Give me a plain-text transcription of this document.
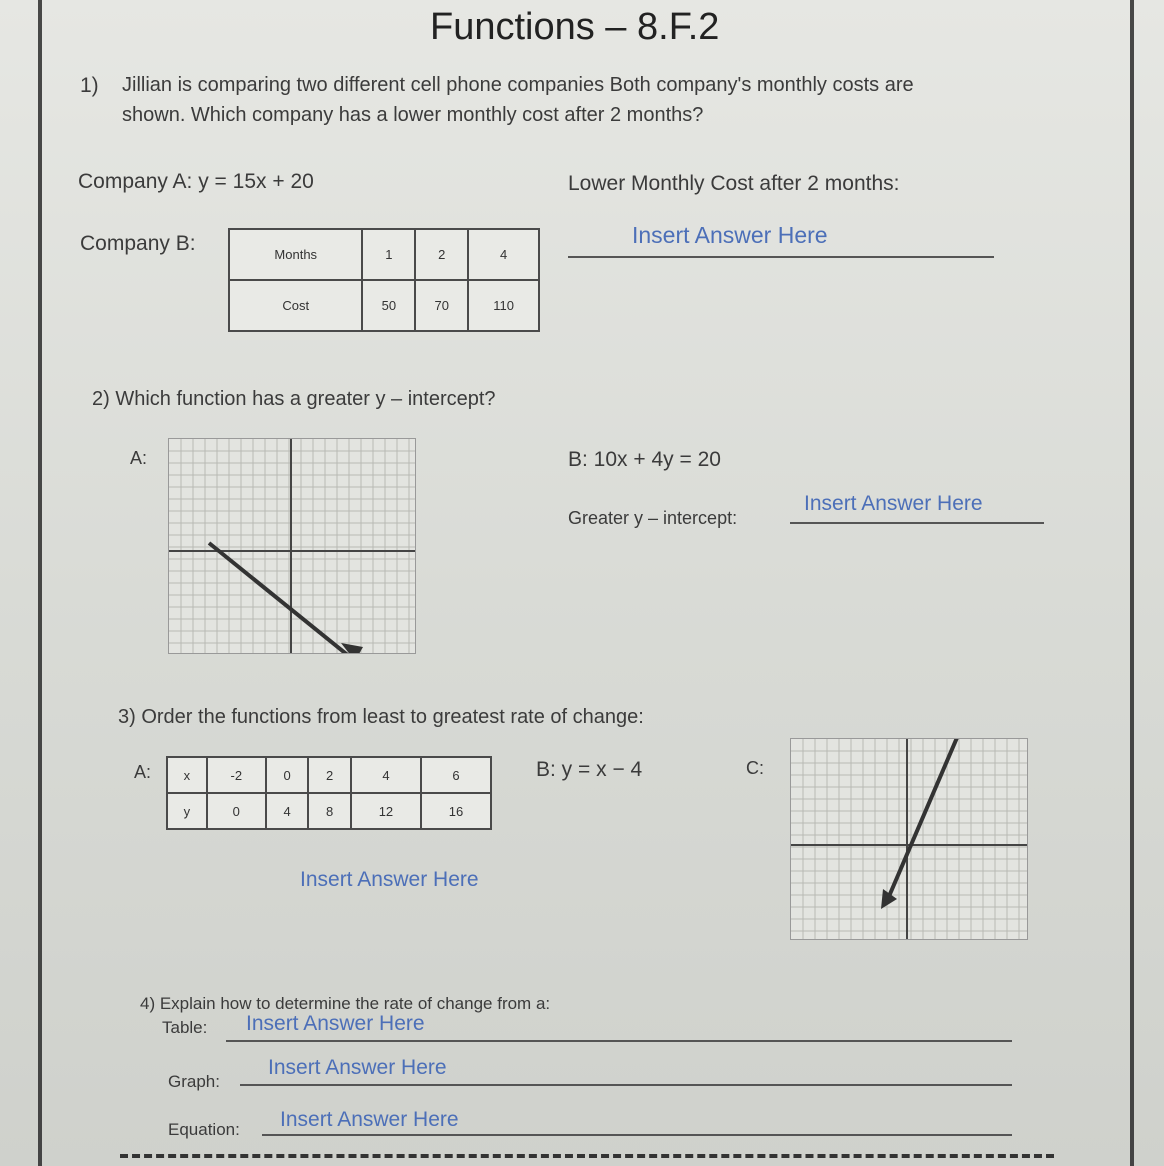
Functions – 8.F.2
1) Jillian is comparing two different cell phone companies Both company's monthly costs are
shown. Which company has a lower monthly cost after 2 months?
Company A: y = 15x + 20	Lower Monthly Cost after 2 months:
Company B:	Months	1	2	4
Cost	50	70	110
Insert Answer Here
2) Which function has a greater y – intercept?
A:	B: 10x + 4y = 20
Greater y – intercept:
Insert Answer Here
3) Order the functions from least to greatest rate of change:
A:	x	-2	0	2	4	6
y	0	4	8	12	16
B: y = x − 4	C:
Insert Answer Here
4) Explain how to determine the rate of change from a:
Table: Insert Answer Here
Graph:
Insert Answer Here
Equation: Insert Answer Here
